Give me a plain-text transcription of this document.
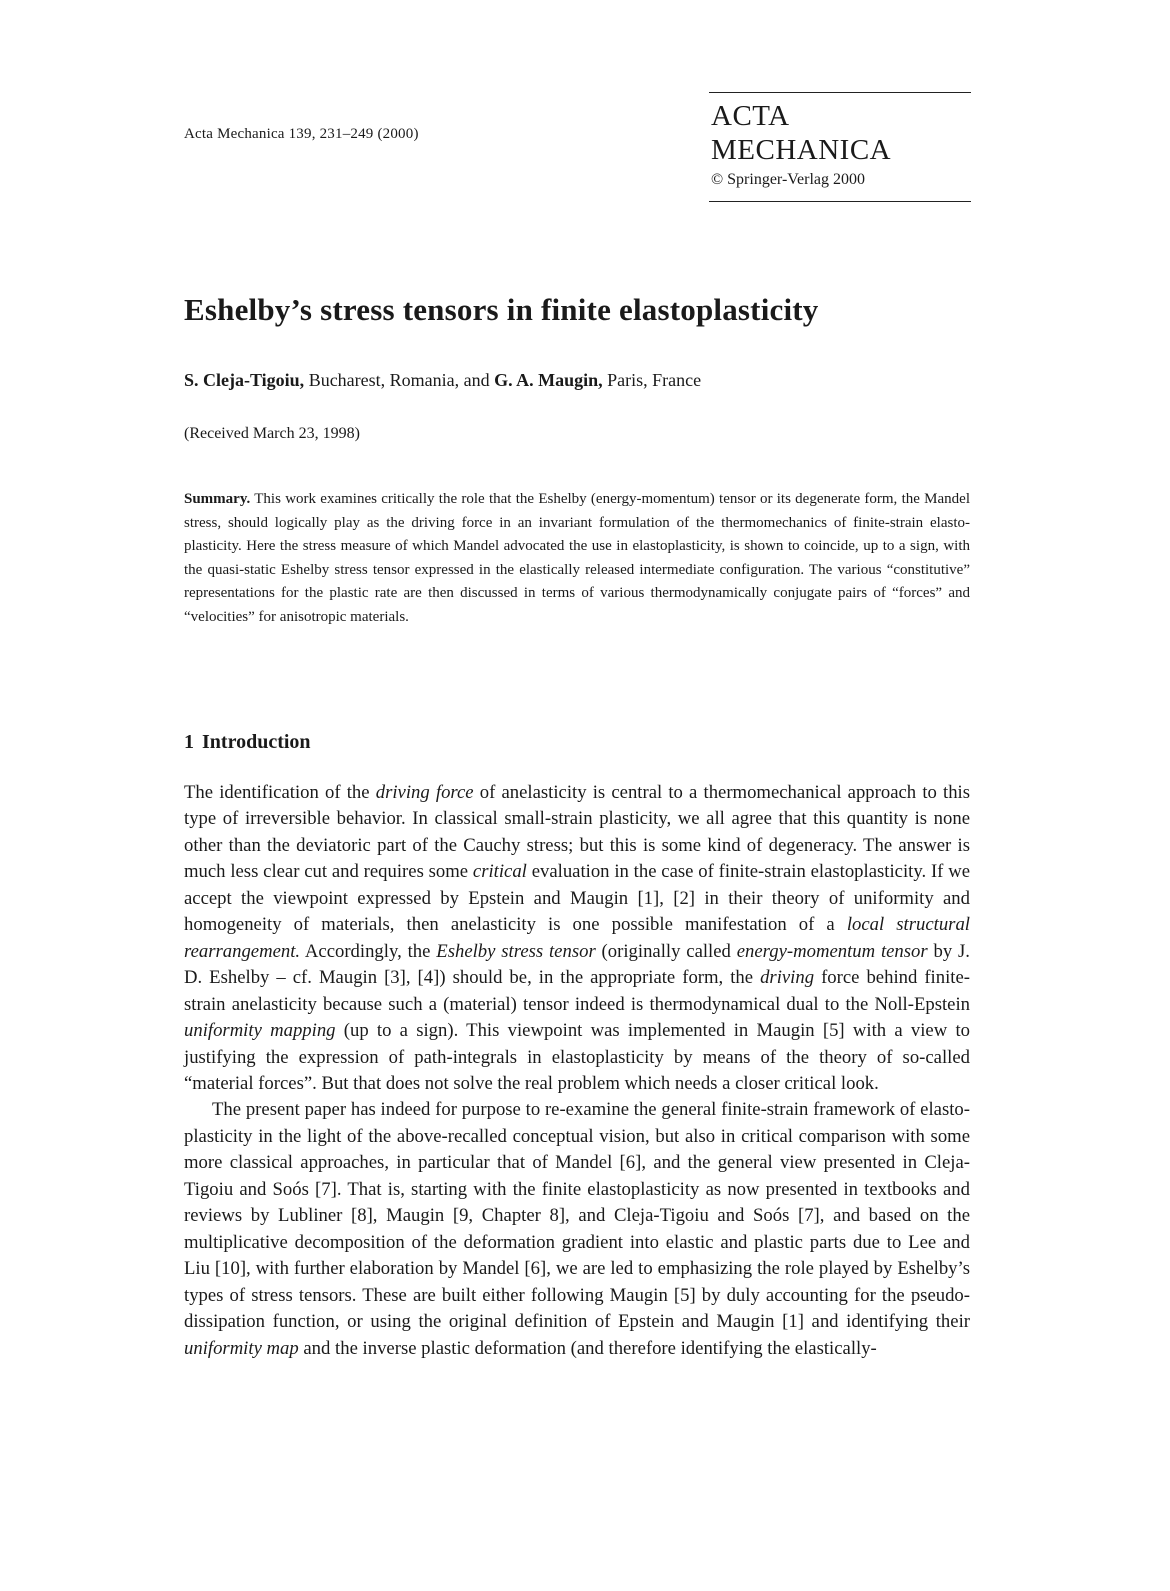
Acta Mechanica 139, 231–249 (2000)
ACTA MECHANICA
© Springer-Verlag 2000
Eshelby’s stress tensors in finite elastoplasticity
S. Cleja-Tigoiu, Bucharest, Romania, and G. A. Maugin, Paris, France
(Received March 23, 1998)

Summary. This work examines critically the role that the Eshelby (energy-momentum) tensor or its degenerate form, the Mandel stress, should logically play as the driving force in an invariant formulation of the thermomechanics of finite-strain elasto-plasticity. Here the stress measure of which Mandel advocated the use in elastoplasticity, is shown to coincide, up to a sign, with the quasi-static Eshelby stress tensor expressed in the elastically released intermediate configuration. The various “constitutive” representations for the plastic rate are then discussed in terms of various thermodynamically conjugate pairs of “forces” and “velocities” for anisotropic materials.

1 Introduction

The identification of the driving force of anelasticity is central to a thermomechanical approach to this type of irreversible behavior. In classical small-strain plasticity, we all agree that this quantity is none other than the deviatoric part of the Cauchy stress; but this is some kind of degeneracy. The answer is much less clear cut and requires some critical evaluation in the case of finite-strain elastoplasticity. If we accept the viewpoint expressed by Epstein and Maugin [1], [2] in their theory of uniformity and homogeneity of materials, then anelasticity is one possible manifestation of a local structural rearrangement. Accordingly, the Eshelby stress tensor (originally called energy-momentum tensor by J. D. Eshelby – cf. Maugin [3], [4]) should be, in the appropriate form, the driving force behind finite-strain anelasticity because such a (material) tensor indeed is thermodynamical dual to the Noll-Epstein uniformity mapping (up to a sign). This viewpoint was implemented in Maugin [5] with a view to justifying the expression of path-integrals in elastoplasticity by means of the theory of so-called “material forces”. But that does not solve the real problem which needs a closer critical look.

The present paper has indeed for purpose to re-examine the general finite-strain framework of elasto-plasticity in the light of the above-recalled conceptual vision, but also in critical comparison with some more classical approaches, in particular that of Mandel [6], and the general view presented in Cleja-Tigoiu and Soós [7]. That is, starting with the finite elastoplasticity as now presented in textbooks and reviews by Lubliner [8], Maugin [9, Chapter 8], and Cleja-Tigoiu and Soós [7], and based on the multiplicative decomposition of the deformation gradient into elastic and plastic parts due to Lee and Liu [10], with further elaboration by Mandel [6], we are led to emphasizing the role played by Eshelby’s types of stress tensors. These are built either following Maugin [5] by duly accounting for the pseudo-dissipation function, or using the original definition of Epstein and Maugin [1] and identifying their uniformity map and the inverse plastic deformation (and therefore identifying the elastically-
